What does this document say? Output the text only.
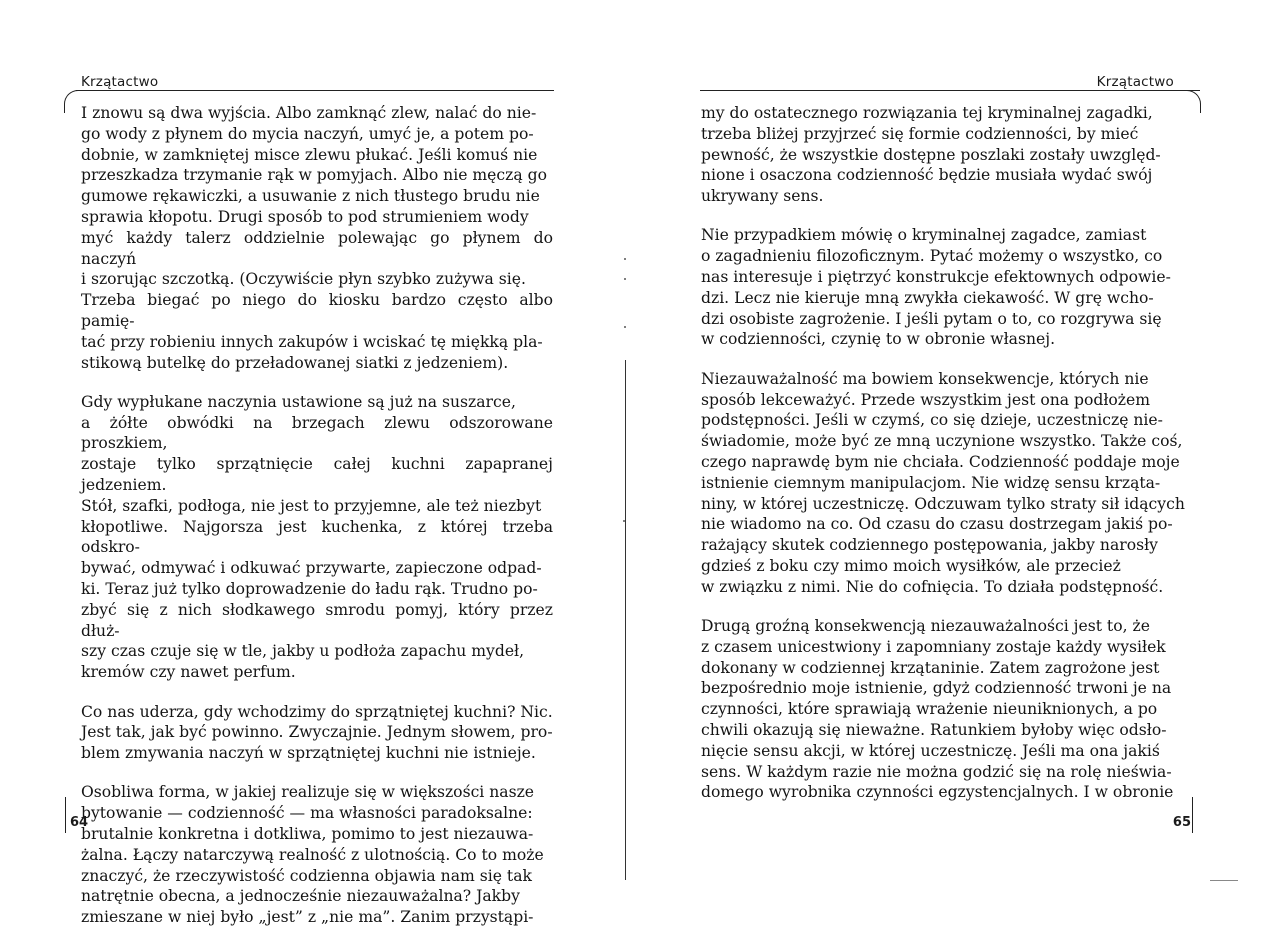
Krzątactwo

I znowu są dwa wyjścia. Albo zamknąć zlew, nalać do nie-
go wody z płynem do mycia naczyń, umyć je, a potem po-
dobnie, w zamkniętej misce zlewu płukać. Jeśli komuś nie
przeszkadza trzymanie rąk w pomyjach. Albo nie męczą go
gumowe rękawiczki, a usuwanie z nich tłustego brudu nie
sprawia kłopotu. Drugi sposób to pod strumieniem wody
myć każdy talerz oddzielnie polewając go płynem do naczyń
i szorując szczotką. (Oczywiście płyn szybko zużywa się.
Trzeba biegać po niego do kiosku bardzo często albo pamię-
tać przy robieniu innych zakupów i wciskać tę miękką pla-
stikową butelkę do przeładowanej siatki z jedzeniem).

Gdy wypłukane naczynia ustawione są już na suszarce,
a żółte obwódki na brzegach zlewu odszorowane proszkiem,
zostaje tylko sprzątnięcie całej kuchni zapapranej jedzeniem.
Stół, szafki, podłoga, nie jest to przyjemne, ale też niezbyt
kłopotliwe. Najgorsza jest kuchenka, z której trzeba odskro-
bywać, odmywać i odkuwać przywarte, zapieczone odpad-
ki. Teraz już tylko doprowadzenie do ładu rąk. Trudno po-
zbyć się z nich słodkawego smrodu pomyj, który przez dłuż-
szy czas czuje się w tle, jakby u podłoża zapachu mydeł,
kremów czy nawet perfum.

Co nas uderza, gdy wchodzimy do sprzątniętej kuchni? Nic.
Jest tak, jak być powinno. Zwyczajnie. Jednym słowem, pro-
blem zmywania naczyń w sprzątniętej kuchni nie istnieje.

Osobliwa forma, w jakiej realizuje się w większości nasze
bytowanie — codzienność — ma własności paradoksalne:
brutalnie konkretna i dotkliwa, pomimo to jest niezauwa-
żalna. Łączy natarczywą realność z ulotnością. Co to może
znaczyć, że rzeczywistość codzienna objawia nam się tak
natrętnie obecna, a jednocześnie niezauważalna? Jakby
zmieszane w niej było „jest” z „nie ma”. Zanim przystąpi-

64
Krzątactwo

my do ostatecznego rozwiązania tej kryminalnej zagadki,
trzeba bliżej przyjrzeć się formie codzienności, by mieć
pewność, że wszystkie dostępne poszlaki zostały uwzględ-
nione i osaczona codzienność będzie musiała wydać swój
ukrywany sens.

Nie przypadkiem mówię o kryminalnej zagadce, zamiast
o zagadnieniu filozoficznym. Pytać możemy o wszystko, co
nas interesuje i piętrzyć konstrukcje efektownych odpowie-
dzi. Lecz nie kieruje mną zwykła ciekawość. W grę wcho-
dzi osobiste zagrożenie. I jeśli pytam o to, co rozgrywa się
w codzienności, czynię to w obronie własnej.

Niezauważalność ma bowiem konsekwencje, których nie
sposób lekceważyć. Przede wszystkim jest ona podłożem
podstępności. Jeśli w czymś, co się dzieje, uczestniczę nie-
świadomie, może być ze mną uczynione wszystko. Także coś,
czego naprawdę bym nie chciała. Codzienność poddaje moje
istnienie ciemnym manipulacjom. Nie widzę sensu krząta-
niny, w której uczestniczę. Odczuwam tylko straty sił idących
nie wiadomo na co. Od czasu do czasu dostrzegam jakiś po-
rażający skutek codziennego postępowania, jakby narosły
gdzieś z boku czy mimo moich wysiłków, ale przecież
w związku z nimi. Nie do cofnięcia. To działa podstępność.

Drugą groźną konsekwencją niezauważalności jest to, że
z czasem unicestwiony i zapomniany zostaje każdy wysiłek
dokonany w codziennej krzątaninie. Zatem zagrożone jest
bezpośrednio moje istnienie, gdyż codzienność trwoni je na
czynności, które sprawiają wrażenie nieuniknionych, a po
chwili okazują się nieważne. Ratunkiem byłoby więc odsło-
nięcie sensu akcji, w której uczestniczę. Jeśli ma ona jakiś
sens. W każdym razie nie można godzić się na rolę nieświa-
domego wyrobnika czynności egzystencjalnych. I w obronie

65
